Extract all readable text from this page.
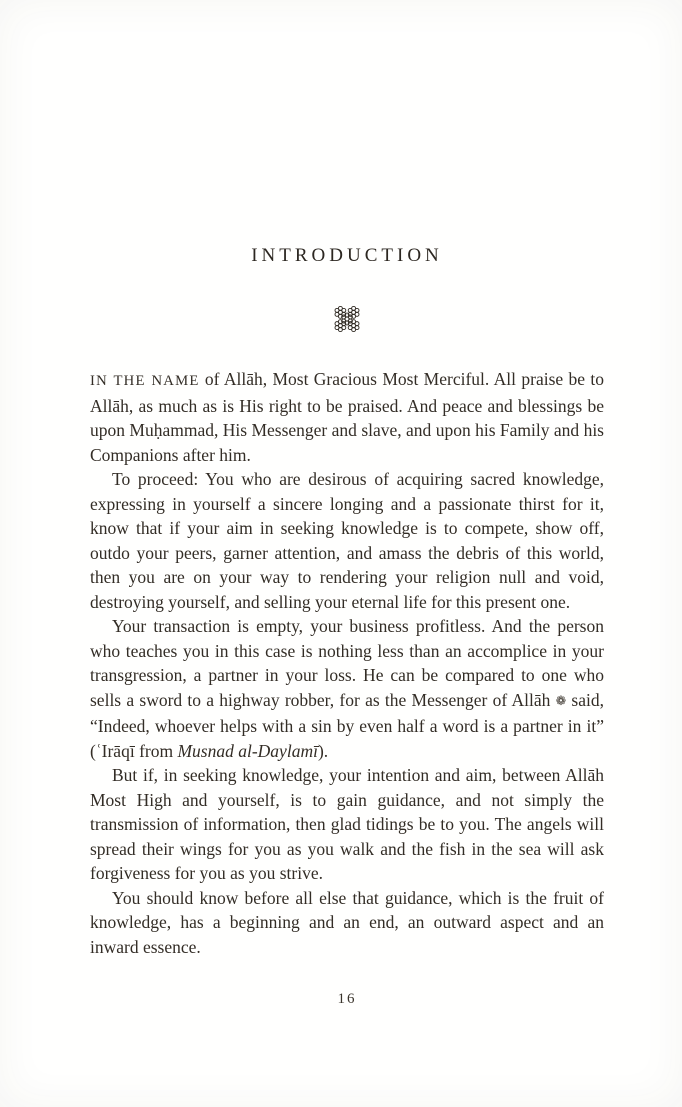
INTRODUCTION

IN THE NAME of Allāh, Most Gracious Most Merciful. All praise be to Allāh, as much as is His right to be praised. And peace and blessings be upon Muḥammad, His Messenger and slave, and upon his Family and his Companions after him.

To proceed: You who are desirous of acquiring sacred knowledge, expressing in yourself a sincere longing and a passionate thirst for it, know that if your aim in seeking knowledge is to compete, show off, outdo your peers, garner attention, and amass the debris of this world, then you are on your way to rendering your religion null and void, destroying yourself, and selling your eternal life for this present one.

Your transaction is empty, your business profitless. And the person who teaches you in this case is nothing less than an accomplice in your transgression, a partner in your loss. He can be compared to one who sells a sword to a highway robber, for as the Messenger of Allāh ❁ said, “Indeed, whoever helps with a sin by even half a word is a partner in it” (ʿIrāqī from Musnad al-Daylamī).

But if, in seeking knowledge, your intention and aim, between Allāh Most High and yourself, is to gain guidance, and not simply the transmission of information, then glad tidings be to you. The angels will spread their wings for you as you walk and the fish in the sea will ask forgiveness for you as you strive.

You should know before all else that guidance, which is the fruit of knowledge, has a beginning and an end, an outward aspect and an inward essence.

16
